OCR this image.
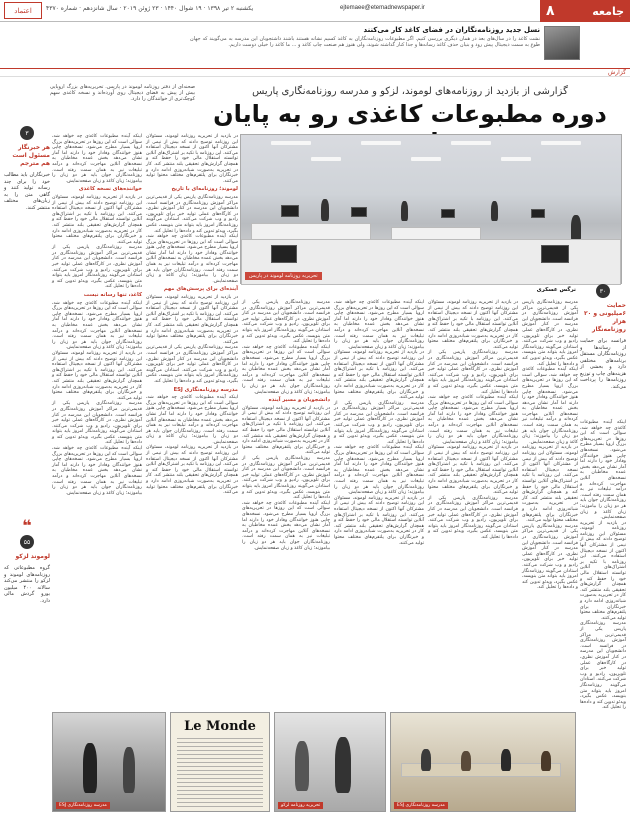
جامعه
۸
ejtemaee@etemadnewspaper.ir
یکشنبه ۲ تیر ۱۳۹۸ · ۱۹ شوال ۱۴۴۰ · ۲۳ ژوئن ۲۰۱۹ · سال شانزدهم · شماره ۴۳۷۰
اعتماد
نسل جدید روزنامه‌نگاران در فضای کاغذ کار می‌کنند
نشت کاغذ را در سال‌های بعد در همان دیگری بررسی کنیم. اگر مطبوعات روزنامه‌نگاران به کاغذ کسیم نشانه هستند باشند داشتجوبان این مدرسه به می‌گویند که جهان طوع به سمت دیجیتال پیش رود و بنیان حذف کاغذ رسانه‌ها و جدا کنار گذاشته شوند، ولی هنوز هم صنعت چاپ کاغذ و ... ما کاغذ را خیلی دوست داریم.
گزارش
گزارشی از بازدید از روزنامه‌های لوموند، لزکو و مدرسه روزنامه‌نگاری پاریس
دوره مطبوعات کاغذی رو به پایان
صحنه‌ای از دفتر روزنامه لوموند در پاریس. تحریریه‌های بزرگ اروپایی بیش از پیش به فضای دیجیتال روی آورده‌اند و نسخه کاغذی سهم کوچک‌تری از خوانندگان را دارد.
تحریریه روزنامه لوموند در پاریس
۳۰
حمایت ۶میلیونی و ۲۰ هزار روزنامه‌نگار
فرانسه برای حمایت از رسانه‌ها و روزنامه‌نگاران مستقل برنامه‌های مختلفی دارد و بخشی از هزینه‌های چاپ و توزیع روزنامه‌ها را پرداخت می‌کند.
۳
هر خبرنگار مسئول است هم مترجم
خبرنگاران باید مطالب خود را برای چند رسانه تولید کنند و گاهی متن را به زبان‌های مختلف منتشر کنند.
❝
۵۵
لوموند لزکو
گروه مطبوعاتی که روزنامه‌های لوموند و لزکو را منتشر می‌کند سالانه ۴۰۰ میلیون یورو گردش مالی دارد.
نرگس عسکری
اینکه آینده مطبوعات کاغذی چه خواهد شد، سوالی است که این روزها در تحریریه‌های بزرگ اروپا بسیار مطرح می‌شود. نسخه‌های چاپی هنوز خوانندگان وفادار خود را دارند اما آمار نشان می‌دهد بخش عمده مخاطبان به نسخه‌های آنلاین مهاجرت کرده‌اند و درآمد تبلیغات نیز به همان سمت رفته است. روزنامه‌نگاران جوان باید هر دو زبان را بیاموزند؛ زبان کاغذ و زبان صفحه‌نمایش.
خواننده‌های نسخه کاغذی
در بازدید از تحریریه روزنامه لوموند، مسئولان این روزنامه توضیح دادند که بیش از نیمی از مشترکان آنها اکنون از نسخه دیجیتال استفاده می‌کنند. این روزنامه با تکیه بر اشتراک‌های آنلاین توانسته استقلال مالی خود را حفظ کند و همچنان گزارش‌های تحقیقی بلند منتشر کند. کار در تحریریه به‌صورت شبانه‌روزی ادامه دارد و خبرنگاران برای پلتفرم‌های مختلف محتوا تولید می‌کنند.
مدرسه روزنامه‌نگاری پاریس یکی از قدیمی‌ترین مراکز آموزش روزنامه‌نگاری در فرانسه است. دانشجویان این مدرسه در کنار آموزش نظری، در کارگاه‌های عملی تولید خبر برای تلویزیون، رادیو و وب شرکت می‌کنند. استادان می‌گویند روزنامه‌نگار امروز باید بتواند متن بنویسد، عکس بگیرد، ویدئو تدوین کند و داده‌ها را تحلیل کند.
کاغذ، تنها رسانه نیست
اینکه آینده مطبوعات کاغذی چه خواهد شد، سوالی است که این روزها در تحریریه‌های بزرگ اروپا بسیار مطرح می‌شود. نسخه‌های چاپی هنوز خوانندگان وفادار خود را دارند اما آمار نشان می‌دهد بخش عمده مخاطبان به نسخه‌های آنلاین مهاجرت کرده‌اند و درآمد تبلیغات نیز به همان سمت رفته است. روزنامه‌نگاران جوان باید هر دو زبان را بیاموزند؛ زبان کاغذ و زبان صفحه‌نمایش.
در بازدید از تحریریه روزنامه لوموند، مسئولان این روزنامه توضیح دادند که بیش از نیمی از مشترکان آنها اکنون از نسخه دیجیتال استفاده می‌کنند. این روزنامه با تکیه بر اشتراک‌های آنلاین توانسته استقلال مالی خود را حفظ کند و همچنان گزارش‌های تحقیقی بلند منتشر کند. کار در تحریریه به‌صورت شبانه‌روزی ادامه دارد و خبرنگاران برای پلتفرم‌های مختلف محتوا تولید می‌کنند.
مدرسه روزنامه‌نگاری پاریس یکی از قدیمی‌ترین مراکز آموزش روزنامه‌نگاری در فرانسه است. دانشجویان این مدرسه در کنار آموزش نظری، در کارگاه‌های عملی تولید خبر برای تلویزیون، رادیو و وب شرکت می‌کنند. استادان می‌گویند روزنامه‌نگار امروز باید بتواند متن بنویسد، عکس بگیرد، ویدئو تدوین کند و داده‌ها را تحلیل کند.
اینکه آینده مطبوعات کاغذی چه خواهد شد، سوالی است که این روزها در تحریریه‌های بزرگ اروپا بسیار مطرح می‌شود. نسخه‌های چاپی هنوز خوانندگان وفادار خود را دارند اما آمار نشان می‌دهد بخش عمده مخاطبان به نسخه‌های آنلاین مهاجرت کرده‌اند و درآمد تبلیغات نیز به همان سمت رفته است. روزنامه‌نگاران جوان باید هر دو زبان را بیاموزند؛ زبان کاغذ و زبان صفحه‌نمایش.
در بازدید از تحریریه روزنامه لوموند، مسئولان این روزنامه توضیح دادند که بیش از نیمی از مشترکان آنها اکنون از نسخه دیجیتال استفاده می‌کنند. این روزنامه با تکیه بر اشتراک‌های آنلاین توانسته استقلال مالی خود را حفظ کند و همچنان گزارش‌های تحقیقی بلند منتشر کند. کار در تحریریه به‌صورت شبانه‌روزی ادامه دارد و خبرنگاران برای پلتفرم‌های مختلف محتوا تولید می‌کنند.
لوموند؛ روزنامه‌ای با تاریخ
مدرسه روزنامه‌نگاری پاریس یکی از قدیمی‌ترین مراکز آموزش روزنامه‌نگاری در فرانسه است. دانشجویان این مدرسه در کنار آموزش نظری، در کارگاه‌های عملی تولید خبر برای تلویزیون، رادیو و وب شرکت می‌کنند. استادان می‌گویند روزنامه‌نگار امروز باید بتواند متن بنویسد، عکس بگیرد، ویدئو تدوین کند و داده‌ها را تحلیل کند.
اینکه آینده مطبوعات کاغذی چه خواهد شد، سوالی است که این روزها در تحریریه‌های بزرگ اروپا بسیار مطرح می‌شود. نسخه‌های چاپی هنوز خوانندگان وفادار خود را دارند اما آمار نشان می‌دهد بخش عمده مخاطبان به نسخه‌های آنلاین مهاجرت کرده‌اند و درآمد تبلیغات نیز به همان سمت رفته است. روزنامه‌نگاران جوان باید هر دو زبان را بیاموزند؛ زبان کاغذ و زبان صفحه‌نمایش.
آینده‌ای برای پرسش‌های مهم
در بازدید از تحریریه روزنامه لوموند، مسئولان این روزنامه توضیح دادند که بیش از نیمی از مشترکان آنها اکنون از نسخه دیجیتال استفاده می‌کنند. این روزنامه با تکیه بر اشتراک‌های آنلاین توانسته استقلال مالی خود را حفظ کند و همچنان گزارش‌های تحقیقی بلند منتشر کند. کار در تحریریه به‌صورت شبانه‌روزی ادامه دارد و خبرنگاران برای پلتفرم‌های مختلف محتوا تولید می‌کنند.
مدرسه روزنامه‌نگاری پاریس یکی از قدیمی‌ترین مراکز آموزش روزنامه‌نگاری در فرانسه است. دانشجویان این مدرسه در کنار آموزش نظری، در کارگاه‌های عملی تولید خبر برای تلویزیون، رادیو و وب شرکت می‌کنند. استادان می‌گویند روزنامه‌نگار امروز باید بتواند متن بنویسد، عکس بگیرد، ویدئو تدوین کند و داده‌ها را تحلیل کند.
مدرسه روزنامه‌نگاری ESJ
اینکه آینده مطبوعات کاغذی چه خواهد شد، سوالی است که این روزها در تحریریه‌های بزرگ اروپا بسیار مطرح می‌شود. نسخه‌های چاپی هنوز خوانندگان وفادار خود را دارند اما آمار نشان می‌دهد بخش عمده مخاطبان به نسخه‌های آنلاین مهاجرت کرده‌اند و درآمد تبلیغات نیز به همان سمت رفته است. روزنامه‌نگاران جوان باید هر دو زبان را بیاموزند؛ زبان کاغذ و زبان صفحه‌نمایش.
در بازدید از تحریریه روزنامه لوموند، مسئولان این روزنامه توضیح دادند که بیش از نیمی از مشترکان آنها اکنون از نسخه دیجیتال استفاده می‌کنند. این روزنامه با تکیه بر اشتراک‌های آنلاین توانسته استقلال مالی خود را حفظ کند و همچنان گزارش‌های تحقیقی بلند منتشر کند. کار در تحریریه به‌صورت شبانه‌روزی ادامه دارد و خبرنگاران برای پلتفرم‌های مختلف محتوا تولید می‌کنند.
مدرسه روزنامه‌نگاری پاریس یکی از قدیمی‌ترین مراکز آموزش روزنامه‌نگاری در فرانسه است. دانشجویان این مدرسه در کنار آموزش نظری، در کارگاه‌های عملی تولید خبر برای تلویزیون، رادیو و وب شرکت می‌کنند. استادان می‌گویند روزنامه‌نگار امروز باید بتواند متن بنویسد، عکس بگیرد، ویدئو تدوین کند و داده‌ها را تحلیل کند.
اینکه آینده مطبوعات کاغذی چه خواهد شد، سوالی است که این روزها در تحریریه‌های بزرگ اروپا بسیار مطرح می‌شود. نسخه‌های چاپی هنوز خوانندگان وفادار خود را دارند اما آمار نشان می‌دهد بخش عمده مخاطبان به نسخه‌های آنلاین مهاجرت کرده‌اند و درآمد تبلیغات نیز به همان سمت رفته است. روزنامه‌نگاران جوان باید هر دو زبان را بیاموزند؛ زبان کاغذ و زبان صفحه‌نمایش.
دانشجویان و مسیر آینده
در بازدید از تحریریه روزنامه لوموند، مسئولان این روزنامه توضیح دادند که بیش از نیمی از مشترکان آنها اکنون از نسخه دیجیتال استفاده می‌کنند. این روزنامه با تکیه بر اشتراک‌های آنلاین توانسته استقلال مالی خود را حفظ کند و همچنان گزارش‌های تحقیقی بلند منتشر کند. کار در تحریریه به‌صورت شبانه‌روزی ادامه دارد و خبرنگاران برای پلتفرم‌های مختلف محتوا تولید می‌کنند.
مدرسه روزنامه‌نگاری پاریس یکی از قدیمی‌ترین مراکز آموزش روزنامه‌نگاری در فرانسه است. دانشجویان این مدرسه در کنار آموزش نظری، در کارگاه‌های عملی تولید خبر برای تلویزیون، رادیو و وب شرکت می‌کنند. استادان می‌گویند روزنامه‌نگار امروز باید بتواند متن بنویسد، عکس بگیرد، ویدئو تدوین کند و داده‌ها را تحلیل کند.
اینکه آینده مطبوعات کاغذی چه خواهد شد، سوالی است که این روزها در تحریریه‌های بزرگ اروپا بسیار مطرح می‌شود. نسخه‌های چاپی هنوز خوانندگان وفادار خود را دارند اما آمار نشان می‌دهد بخش عمده مخاطبان به نسخه‌های آنلاین مهاجرت کرده‌اند و درآمد تبلیغات نیز به همان سمت رفته است. روزنامه‌نگاران جوان باید هر دو زبان را بیاموزند؛ زبان کاغذ و زبان صفحه‌نمایش.
اینکه آینده مطبوعات کاغذی چه خواهد شد، سوالی است که این روزها در تحریریه‌های بزرگ اروپا بسیار مطرح می‌شود. نسخه‌های چاپی هنوز خوانندگان وفادار خود را دارند اما آمار نشان می‌دهد بخش عمده مخاطبان به نسخه‌های آنلاین مهاجرت کرده‌اند و درآمد تبلیغات نیز به همان سمت رفته است. روزنامه‌نگاران جوان باید هر دو زبان را بیاموزند؛ زبان کاغذ و زبان صفحه‌نمایش.
در بازدید از تحریریه روزنامه لوموند، مسئولان این روزنامه توضیح دادند که بیش از نیمی از مشترکان آنها اکنون از نسخه دیجیتال استفاده می‌کنند. این روزنامه با تکیه بر اشتراک‌های آنلاین توانسته استقلال مالی خود را حفظ کند و همچنان گزارش‌های تحقیقی بلند منتشر کند. کار در تحریریه به‌صورت شبانه‌روزی ادامه دارد و خبرنگاران برای پلتفرم‌های مختلف محتوا تولید می‌کنند.
مدرسه روزنامه‌نگاری پاریس یکی از قدیمی‌ترین مراکز آموزش روزنامه‌نگاری در فرانسه است. دانشجویان این مدرسه در کنار آموزش نظری، در کارگاه‌های عملی تولید خبر برای تلویزیون، رادیو و وب شرکت می‌کنند. استادان می‌گویند روزنامه‌نگار امروز باید بتواند متن بنویسد، عکس بگیرد، ویدئو تدوین کند و داده‌ها را تحلیل کند.
اینکه آینده مطبوعات کاغذی چه خواهد شد، سوالی است که این روزها در تحریریه‌های بزرگ اروپا بسیار مطرح می‌شود. نسخه‌های چاپی هنوز خوانندگان وفادار خود را دارند اما آمار نشان می‌دهد بخش عمده مخاطبان به نسخه‌های آنلاین مهاجرت کرده‌اند و درآمد تبلیغات نیز به همان سمت رفته است. روزنامه‌نگاران جوان باید هر دو زبان را بیاموزند؛ زبان کاغذ و زبان صفحه‌نمایش.
در بازدید از تحریریه روزنامه لوموند، مسئولان این روزنامه توضیح دادند که بیش از نیمی از مشترکان آنها اکنون از نسخه دیجیتال استفاده می‌کنند. این روزنامه با تکیه بر اشتراک‌های آنلاین توانسته استقلال مالی خود را حفظ کند و همچنان گزارش‌های تحقیقی بلند منتشر کند. کار در تحریریه به‌صورت شبانه‌روزی ادامه دارد و خبرنگاران برای پلتفرم‌های مختلف محتوا تولید می‌کنند.
در بازدید از تحریریه روزنامه لوموند، مسئولان این روزنامه توضیح دادند که بیش از نیمی از مشترکان آنها اکنون از نسخه دیجیتال استفاده می‌کنند. این روزنامه با تکیه بر اشتراک‌های آنلاین توانسته استقلال مالی خود را حفظ کند و همچنان گزارش‌های تحقیقی بلند منتشر کند. کار در تحریریه به‌صورت شبانه‌روزی ادامه دارد و خبرنگاران برای پلتفرم‌های مختلف محتوا تولید می‌کنند.
مدرسه روزنامه‌نگاری پاریس یکی از قدیمی‌ترین مراکز آموزش روزنامه‌نگاری در فرانسه است. دانشجویان این مدرسه در کنار آموزش نظری، در کارگاه‌های عملی تولید خبر برای تلویزیون، رادیو و وب شرکت می‌کنند. استادان می‌گویند روزنامه‌نگار امروز باید بتواند متن بنویسد، عکس بگیرد، ویدئو تدوین کند و داده‌ها را تحلیل کند.
اینکه آینده مطبوعات کاغذی چه خواهد شد، سوالی است که این روزها در تحریریه‌های بزرگ اروپا بسیار مطرح می‌شود. نسخه‌های چاپی هنوز خوانندگان وفادار خود را دارند اما آمار نشان می‌دهد بخش عمده مخاطبان به نسخه‌های آنلاین مهاجرت کرده‌اند و درآمد تبلیغات نیز به همان سمت رفته است. روزنامه‌نگاران جوان باید هر دو زبان را بیاموزند؛ زبان کاغذ و زبان صفحه‌نمایش.
در بازدید از تحریریه روزنامه لوموند، مسئولان این روزنامه توضیح دادند که بیش از نیمی از مشترکان آنها اکنون از نسخه دیجیتال استفاده می‌کنند. این روزنامه با تکیه بر اشتراک‌های آنلاین توانسته استقلال مالی خود را حفظ کند و همچنان گزارش‌های تحقیقی بلند منتشر کند. کار در تحریریه به‌صورت شبانه‌روزی ادامه دارد و خبرنگاران برای پلتفرم‌های مختلف محتوا تولید می‌کنند.
مدرسه روزنامه‌نگاری پاریس یکی از قدیمی‌ترین مراکز آموزش روزنامه‌نگاری در فرانسه است. دانشجویان این مدرسه در کنار آموزش نظری، در کارگاه‌های عملی تولید خبر برای تلویزیون، رادیو و وب شرکت می‌کنند. استادان می‌گویند روزنامه‌نگار امروز باید بتواند متن بنویسد، عکس بگیرد، ویدئو تدوین کند و داده‌ها را تحلیل کند.
مدرسه روزنامه‌نگاری پاریس یکی از قدیمی‌ترین مراکز آموزش روزنامه‌نگاری در فرانسه است. دانشجویان این مدرسه در کنار آموزش نظری، در کارگاه‌های عملی تولید خبر برای تلویزیون، رادیو و وب شرکت می‌کنند. استادان می‌گویند روزنامه‌نگار امروز باید بتواند متن بنویسد، عکس بگیرد، ویدئو تدوین کند و داده‌ها را تحلیل کند.
اینکه آینده مطبوعات کاغذی چه خواهد شد، سوالی است که این روزها در تحریریه‌های بزرگ اروپا بسیار مطرح می‌شود. نسخه‌های چاپی هنوز خوانندگان وفادار خود را دارند اما آمار نشان می‌دهد بخش عمده مخاطبان به نسخه‌های آنلاین مهاجرت کرده‌اند و درآمد تبلیغات نیز به همان سمت رفته است. روزنامه‌نگاران جوان باید هر دو زبان را بیاموزند؛ زبان کاغذ و زبان صفحه‌نمایش.
در بازدید از تحریریه روزنامه لوموند، مسئولان این روزنامه توضیح دادند که بیش از نیمی از مشترکان آنها اکنون از نسخه دیجیتال استفاده می‌کنند. این روزنامه با تکیه بر اشتراک‌های آنلاین توانسته استقلال مالی خود را حفظ کند و همچنان گزارش‌های تحقیقی بلند منتشر کند. کار در تحریریه به‌صورت شبانه‌روزی ادامه دارد و خبرنگاران برای پلتفرم‌های مختلف محتوا تولید می‌کنند.
مدرسه روزنامه‌نگاری پاریس یکی از قدیمی‌ترین مراکز آموزش روزنامه‌نگاری در فرانسه است. دانشجویان این مدرسه در کنار آموزش نظری، در کارگاه‌های عملی تولید خبر برای تلویزیون، رادیو و وب شرکت می‌کنند. استادان می‌گویند روزنامه‌نگار امروز باید بتواند متن بنویسد، عکس بگیرد، ویدئو تدوین کند و داده‌ها را تحلیل کند.
اینکه آینده مطبوعات کاغذی چه خواهد شد، سوالی است که این روزها در تحریریه‌های بزرگ اروپا بسیار مطرح می‌شود. نسخه‌های چاپی هنوز خوانندگان وفادار خود را دارند اما آمار نشان می‌دهد بخش عمده مخاطبان به نسخه‌های آنلاین مهاجرت کرده‌اند و درآمد تبلیغات نیز به همان سمت رفته است. روزنامه‌نگاران جوان باید هر دو زبان را بیاموزند؛ زبان کاغذ و زبان صفحه‌نمایش.
در بازدید از تحریریه روزنامه لوموند، مسئولان این روزنامه توضیح دادند که بیش از نیمی از مشترکان آنها اکنون از نسخه دیجیتال استفاده می‌کنند. این روزنامه با تکیه بر اشتراک‌های آنلاین توانسته استقلال مالی خود را حفظ کند و همچنان گزارش‌های تحقیقی بلند منتشر کند. کار در تحریریه به‌صورت شبانه‌روزی ادامه دارد و خبرنگاران برای پلتفرم‌های مختلف محتوا تولید می‌کنند.
مدرسه روزنامه‌نگاری پاریس یکی از قدیمی‌ترین مراکز آموزش روزنامه‌نگاری در فرانسه است. دانشجویان این مدرسه در کنار آموزش نظری، در کارگاه‌های عملی تولید خبر برای تلویزیون، رادیو و وب شرکت می‌کنند. استادان می‌گویند روزنامه‌نگار امروز باید بتواند متن بنویسد، عکس بگیرد، ویدئو تدوین کند و داده‌ها را تحلیل کند.
مدرسه روزنامه‌نگاری ESJ
Le Monde
تحریریه روزنامه لزکو	مدرسه روزنامه‌نگاری ESJ
